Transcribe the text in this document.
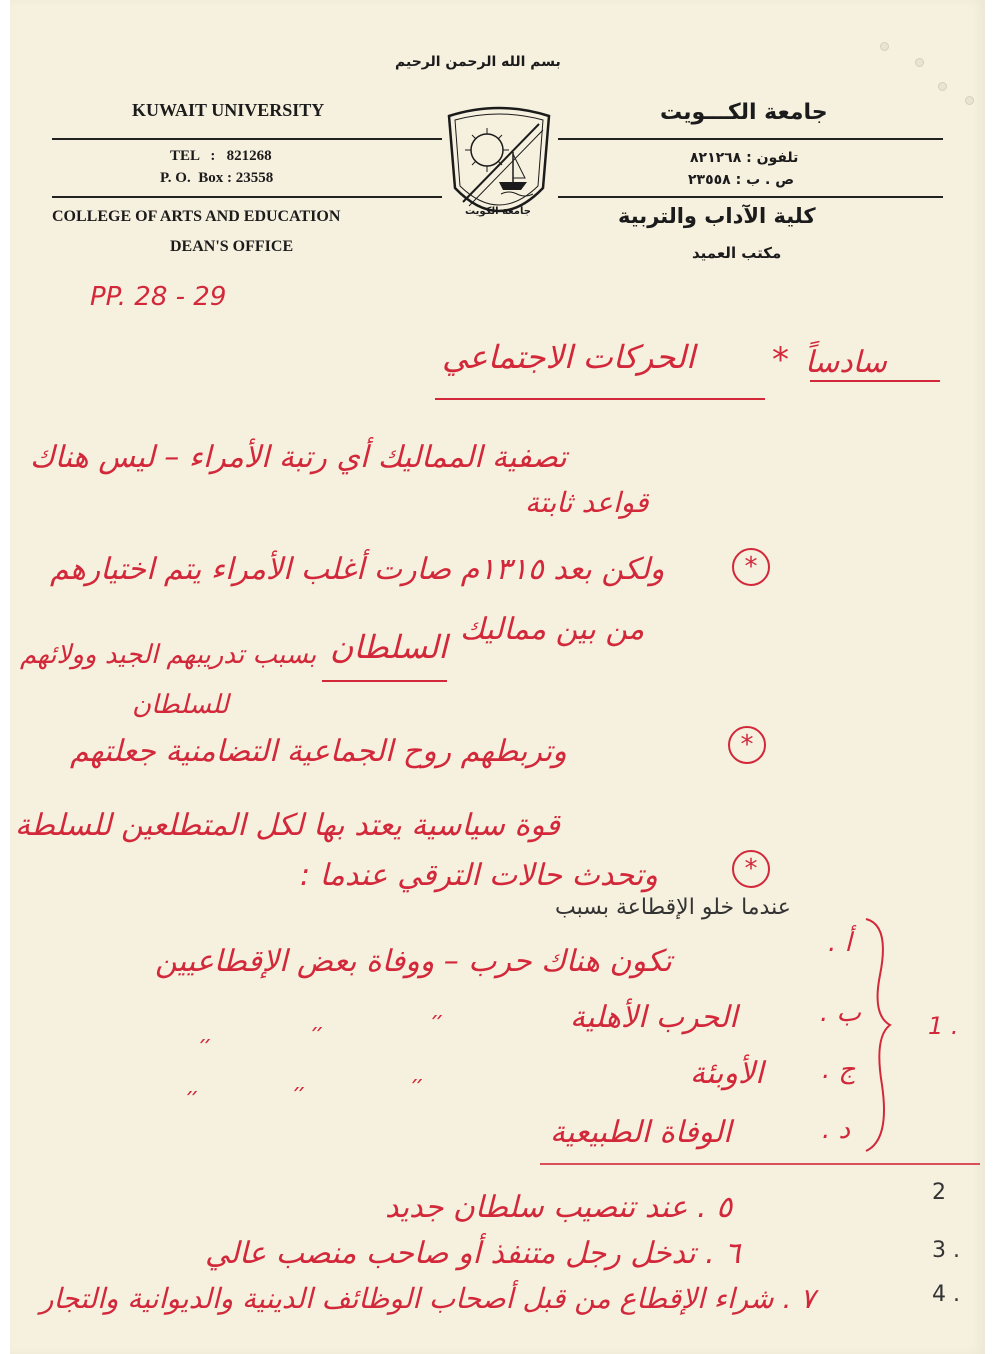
بسم الله الرحمن الرحيم
KUWAIT UNIVERSITY	جامعة الكـــويت
TEL   :   821268
P. O.  Box : 23558
تلفون : ٨٢١٢٦٨
ص . ب : ٢٣٥٥٨
جامعة الكويت
COLLEGE OF ARTS AND EDUCATION
DEAN'S OFFICE
كلية الآداب والتربية
مكتب العميد
PP. 28 - 29
سادساً
*
الحركات الاجتماعي
تصفية المماليك أي رتبة الأمراء – ليس هناك
قواعد ثابتة
*
ولكن بعد ١٣١٥م صارت أغلب الأمراء يتم اختيارهم
من بين مماليك
السلطان
بسبب تدريبهم الجيد وولائهم
للسلطان
*
وتربطهم روح الجماعية التضامنية جعلتهم
قوة سياسية يعتد بها لكل المتطلعين للسلطة
*
وتحدث حالات الترقي عندما :
عندما خلو الإقطاعة بسبب
أ .
تكون هناك حرب – ووفاة بعض الإقطاعيين
ب .
الحرب الأهلية
ج .
الأوبئة
د .
الوفاة الطبيعية
״	״	״
״	״	״
1 .
2
٥ . عند تنصيب سلطان جديد
3 .
٦ . تدخل رجل متنفذ أو صاحب منصب عالي
4 .
٧ . شراء الإقطاع من قبل أصحاب الوظائف الدينية والديوانية والتجار
